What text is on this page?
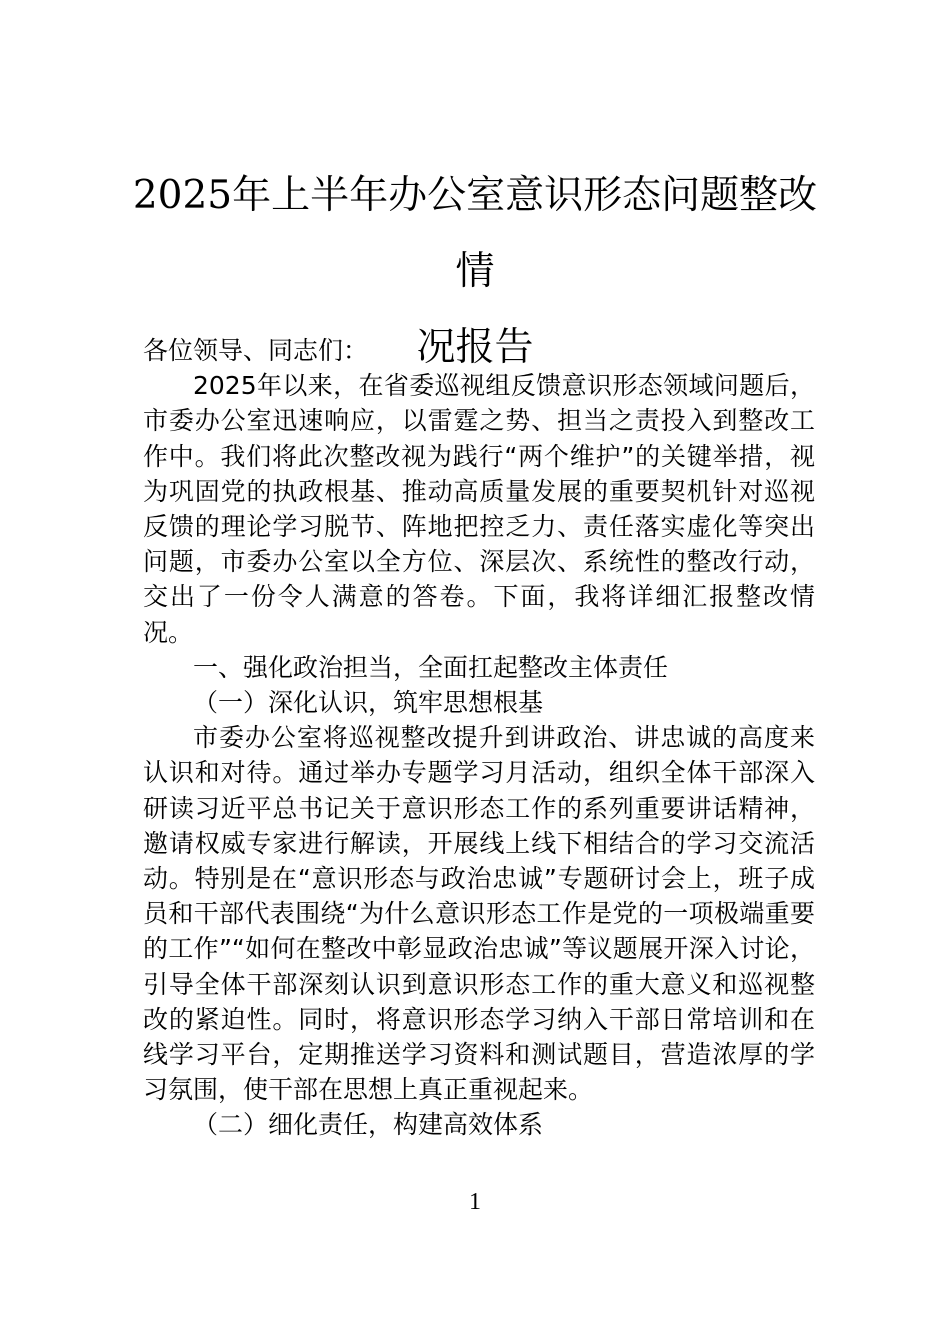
2025年上半年办公室意识形态问题整改情
况报告

各位领导、同志们：

2025年以来，在省委巡视组反馈意识形态领域问题后，市委办公室迅速响应，以雷霆之势、担当之责投入到整改工作中。我们将此次整改视为践行“两个维护”的关键举措，视为巩固党的执政根基、推动高质量发展的重要契机针对巡视反馈的理论学习脱节、阵地把控乏力、责任落实虚化等突出问题，市委办公室以全方位、深层次、系统性的整改行动，交出了一份令人满意的答卷。下面，我将详细汇报整改情况。

一、强化政治担当，全面扛起整改主体责任

（一）深化认识，筑牢思想根基

市委办公室将巡视整改提升到讲政治、讲忠诚的高度来认识和对待。通过举办专题学习月活动，组织全体干部深入研读习近平总书记关于意识形态工作的系列重要讲话精神，邀请权威专家进行解读，开展线上线下相结合的学习交流活动。特别是在“意识形态与政治忠诚”专题研讨会上，班子成员和干部代表围绕“为什么意识形态工作是党的一项极端重要的工作”“如何在整改中彰显政治忠诚”等议题展开深入讨论，引导全体干部深刻认识到意识形态工作的重大意义和巡视整改的紧迫性。同时，将意识形态学习纳入干部日常培训和在线学习平台，定期推送学习资料和测试题目，营造浓厚的学习氛围，使干部在思想上真正重视起来。

（二）细化责任，构建高效体系

1
